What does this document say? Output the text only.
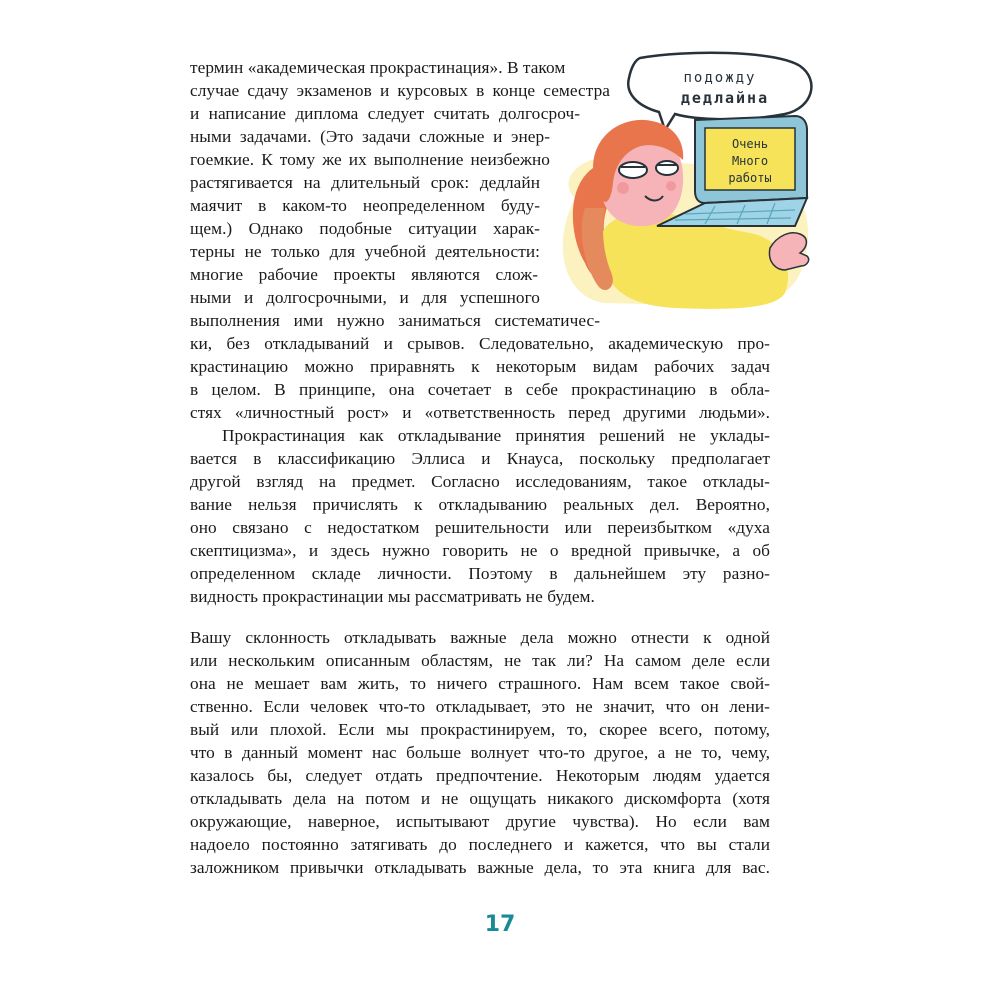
термин «академическая прокрастинация». В таком
случае сдачу экзаменов и курсовых в конце семестра
и написание диплома следует считать долгосроч-
ными задачами. (Это задачи сложные и энер-
гоемкие. К тому же их выполнение неизбежно
растягивается на длительный срок: дедлайн
маячит в каком-то неопределенном буду-
щем.) Однако подобные ситуации харак-
терны не только для учебной деятельности:
многие рабочие проекты являются слож-
ными и долгосрочными, и для успешного
выполнения ими нужно заниматься систематичес-
ки, без откладываний и срывов. Следовательно, академическую про-
крастинацию можно приравнять к некоторым видам рабочих задач
в целом. В принципе, она сочетает в себе прокрастинацию в обла-
стях «личностный рост» и «ответственность перед другими людьми».
Прокрастинация как откладывание принятия решений не уклады-
вается в классификацию Эллиса и Кнауса, поскольку предполагает
другой взгляд на предмет. Согласно исследованиям, такое отклады-
вание нельзя причислять к откладыванию реальных дел. Вероятно,
оно связано с недостатком решительности или переизбытком «духа
скептицизма», и здесь нужно говорить не о вредной привычке, а об
определенном складе личности. Поэтому в дальнейшем эту разно-
видность прокрастинации мы рассматривать не будем.
Вашу склонность откладывать важные дела можно отнести к одной
или нескольким описанным областям, не так ли? На самом деле если
она не мешает вам жить, то ничего страшного. Нам всем такое свой-
ственно. Если человек что-то откладывает, это не значит, что он лени-
вый или плохой. Если мы прокрастинируем, то, скорее всего, потому,
что в данный момент нас больше волнует что-то другое, а не то, чему,
казалось бы, следует отдать предпочтение. Некоторым людям удается
откладывать дела на потом и не ощущать никакого дискомфорта (хотя
окружающие, наверное, испытывают другие чувства). Но если вам
надоело постоянно затягивать до последнего и кажется, что вы стали
заложником привычки откладывать важные дела, то эта книга для вас.
подожду
дедлайна
Очень
Много
работы
17
